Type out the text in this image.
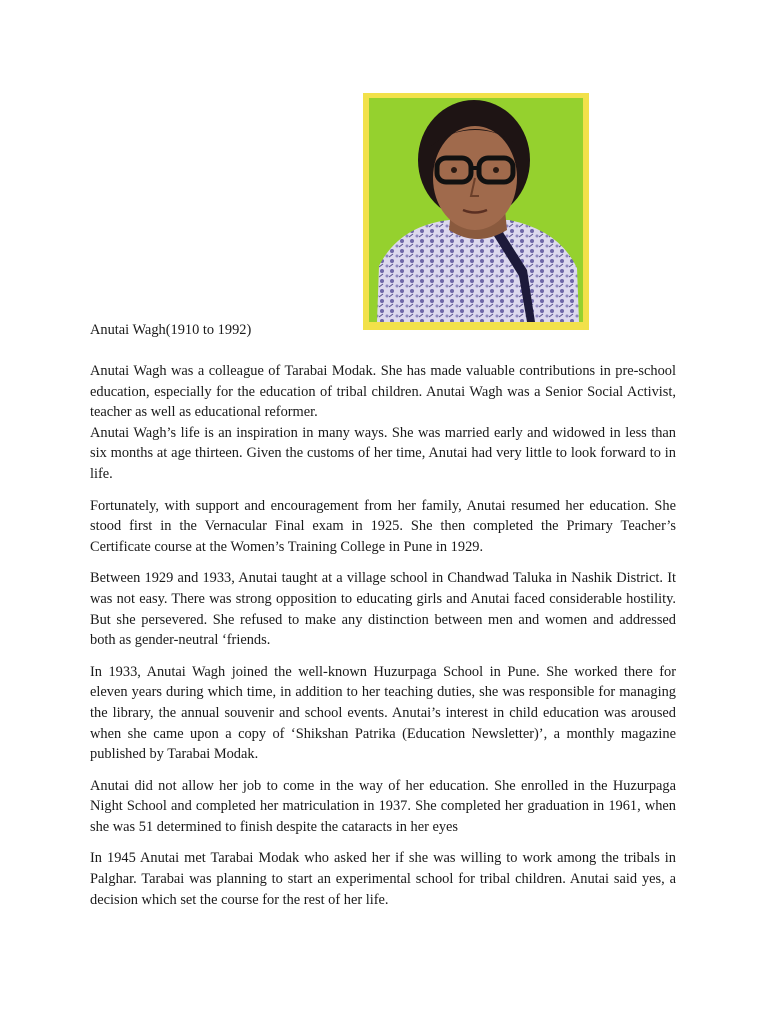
Anutai Wagh(1910 to 1992)

Anutai Wagh was a colleague of Tarabai Modak. She has made valuable contributions in pre-school education, especially for the education of tribal children. Anutai Wagh was a Senior Social Activist, teacher as well as educational reformer.

Anutai Wagh’s life is an inspiration in many ways. She was married early and widowed in less than six months at age thirteen. Given the customs of her time, Anutai had very little to look forward to in life.

Fortunately, with support and encouragement from her family, Anutai resumed her education. She stood first in the Vernacular Final exam in 1925. She then completed the Primary Teacher’s Certificate course at the Women’s Training College in Pune in 1929.

Between 1929 and 1933, Anutai taught at a village school in Chandwad Taluka in Nashik District. It was not easy. There was strong opposition to educating girls and Anutai faced considerable hostility. But she persevered. She refused to make any distinction between men and women and addressed both as gender-neutral ‘friends.

In 1933, Anutai Wagh joined the well-known Huzurpaga School in Pune. She worked there for eleven years during which time, in addition to her teaching duties, she was responsible for managing the library, the annual souvenir and school events. Anutai’s interest in child education was aroused when she came upon a copy of ‘Shikshan Patrika (Education Newsletter)’, a monthly magazine published by Tarabai Modak.

Anutai did not allow her job to come in the way of her education. She enrolled in the Huzurpaga Night School and completed her matriculation in 1937. She completed her graduation in 1961, when she was 51 determined to finish despite the cataracts in her eyes

In 1945 Anutai met Tarabai Modak who asked her if she was willing to work among the tribals in Palghar. Tarabai was planning to start an experimental school for tribal children. Anutai said yes, a decision which set the course for the rest of her life.
